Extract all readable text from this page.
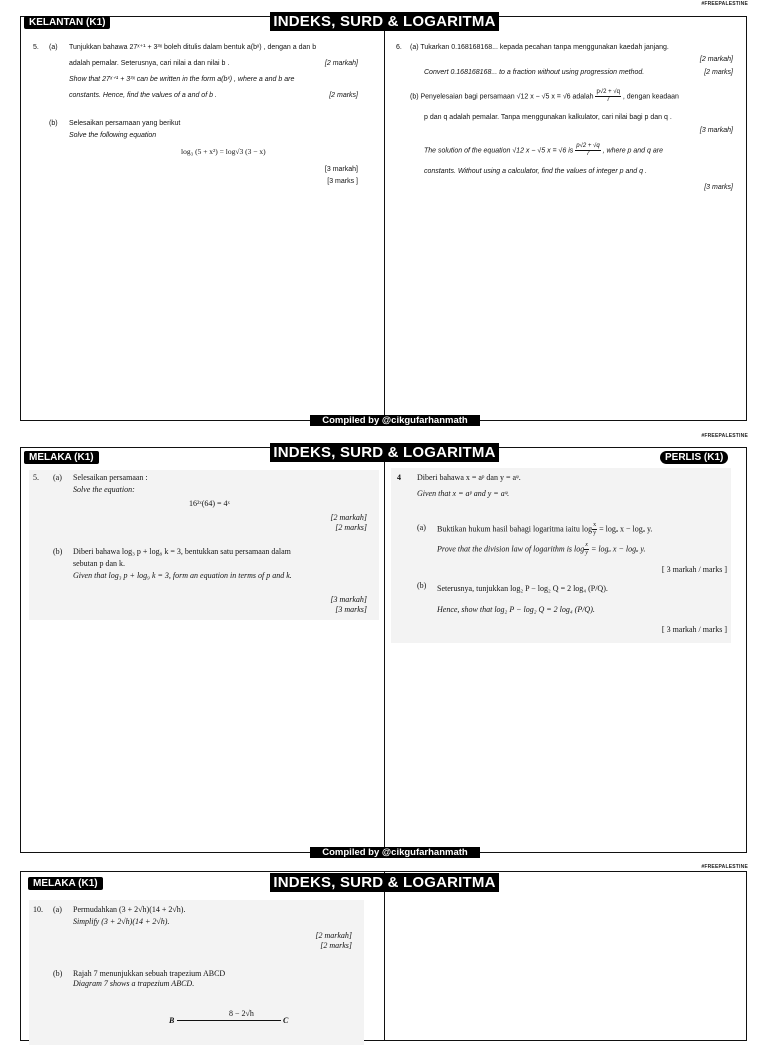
#FREEPALESTINE
5. (a) Tunjukkan bahawa 27ˣ⁺¹ + 3³ˣ boleh ditulis dalam bentuk a(bˣ) , dengan a dan b
adalah pemalar. Seterusnya, cari nilai a dan nilai b .	[2 markah]
Show that 27ˣ⁺¹ + 3³ˣ can be written in the form a(bˣ) , where a and b are
constants. Hence, find the values of a and of b .	[2 marks]
(b) Selesaikan persamaan yang berikut
Solve the following equation
log₃ (5 + x²) = log√3 (3 − x)
[3 markah]
[3 marks ]
6. (a) Tukarkan 0.168168168... kepada pecahan tanpa menggunakan kaedah janjang.
[2 markah]
Convert 0.168168168... to a fraction without using progression method.	[2 marks]
(b) Penyelesaian bagi persamaan √12 x − √5 x = √6 adalah $\frac{p√2 + √q}{7}$ , dengan keadaan
p dan q adalah pemalar. Tanpa menggunakan kalkulator, cari nilai bagi p dan q .
[3 markah]
The solution of the equation √12 x − √5 x = √6 is $\frac{p√2 + √q}{7}$ , where p and q are
constants. Without using a calculator, find the values of integer p and q .
[3 marks]
KELANTAN (K1)	INDEKS, SURD & LOGARITMA
Compiled by @cikgufarhanmath
#FREEPALESTINE
5. (a) Selesaikan persamaan :
Solve the equation:
16²ˣ(64) = 4ˣ
[2 markah]
[2 marks]
(b) Diberi bahawa log₃ p + log₉ k = 3, bentukkan satu persamaan dalam
sebutan p dan k.
Given that log₃ p + log₉ k = 3, form an equation in terms of p and k.
[3 markah]
[3 marks]
4 Diberi bahawa x = aᵖ dan y = aᵠ.
Given that x = aᵖ and y = aᵠ.
(a) Buktikan hukum hasil bahagi logaritma iaitu $\log \frac{x}{y} = \log_a$ x − logₐ y.
Prove that the division law of logarithm is $\log \frac{x}{y} = \log_a$ x − logₐ y.
[ 3 markah / marks ]
(b) Seterusnya, tunjukkan log₂ P − log₂ Q = 2 log₄ (P/Q).
Hence, show that log₂ P − log₂ Q = 2 log₄ (P/Q).
[ 3 markah / marks ]
MELAKA (K1)	PERLIS (K1)
INDEKS, SURD & LOGARITMA
Compiled by @cikgufarhanmath
#FREEPALESTINE
10. (a) Permudahkan (3 + 2√h)(14 + 2√h).
Simplify (3 + 2√h)(14 + 2√h).
[2 markah]
[2 marks]
(b) Rajah 7 menunjukkan sebuah trapezium ABCD
Diagram 7 shows a trapezium ABCD.
8 − 2√h
B	C
MELAKA (K1)	INDEKS, SURD & LOGARITMA
